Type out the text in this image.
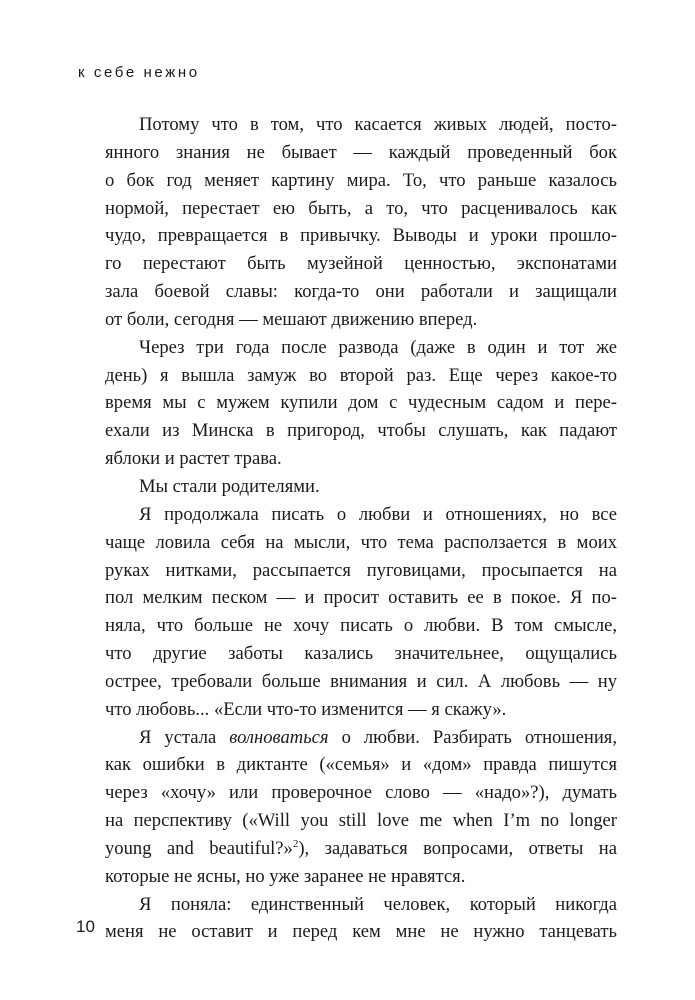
к себе нежно
Потому что в том, что касается живых людей, посто-
янного знания не бывает — каждый проведенный бок
о бок год меняет картину мира. То, что раньше казалось
нормой, перестает ею быть, а то, что расценивалось как
чудо, превращается в привычку. Выводы и уроки прошло-
го перестают быть музейной ценностью, экспонатами
зала боевой славы: когда-то они работали и защищали
от боли, сегодня — мешают движению вперед.
Через три года после развода (даже в один и тот же
день) я вышла замуж во второй раз. Еще через какое-то
время мы с мужем купили дом с чудесным садом и пере-
ехали из Минска в пригород, чтобы слушать, как падают
яблоки и растет трава.
Мы стали родителями.
Я продолжала писать о любви и отношениях, но все
чаще ловила себя на мысли, что тема расползается в моих
руках нитками, рассыпается пуговицами, просыпается на
пол мелким песком — и просит оставить ее в покое. Я по-
няла, что больше не хочу писать о любви. В том смысле,
что другие заботы казались значительнее, ощущались
острее, требовали больше внимания и сил. А любовь — ну
что любовь... «Если что-то изменится — я скажу».
Я устала волноваться о любви. Разбирать отношения,
как ошибки в диктанте («семья» и «дом» правда пишутся
через «хочу» или проверочное слово — «надо»?), думать
на перспективу («Will you still love me when I’m no longer
young and beautiful?»$^2$), задаваться вопросами, ответы на
которые не ясны, но уже заранее не нравятся.
Я поняла: единственный человек, который никогда
меня не оставит и перед кем мне не нужно танцевать
10
